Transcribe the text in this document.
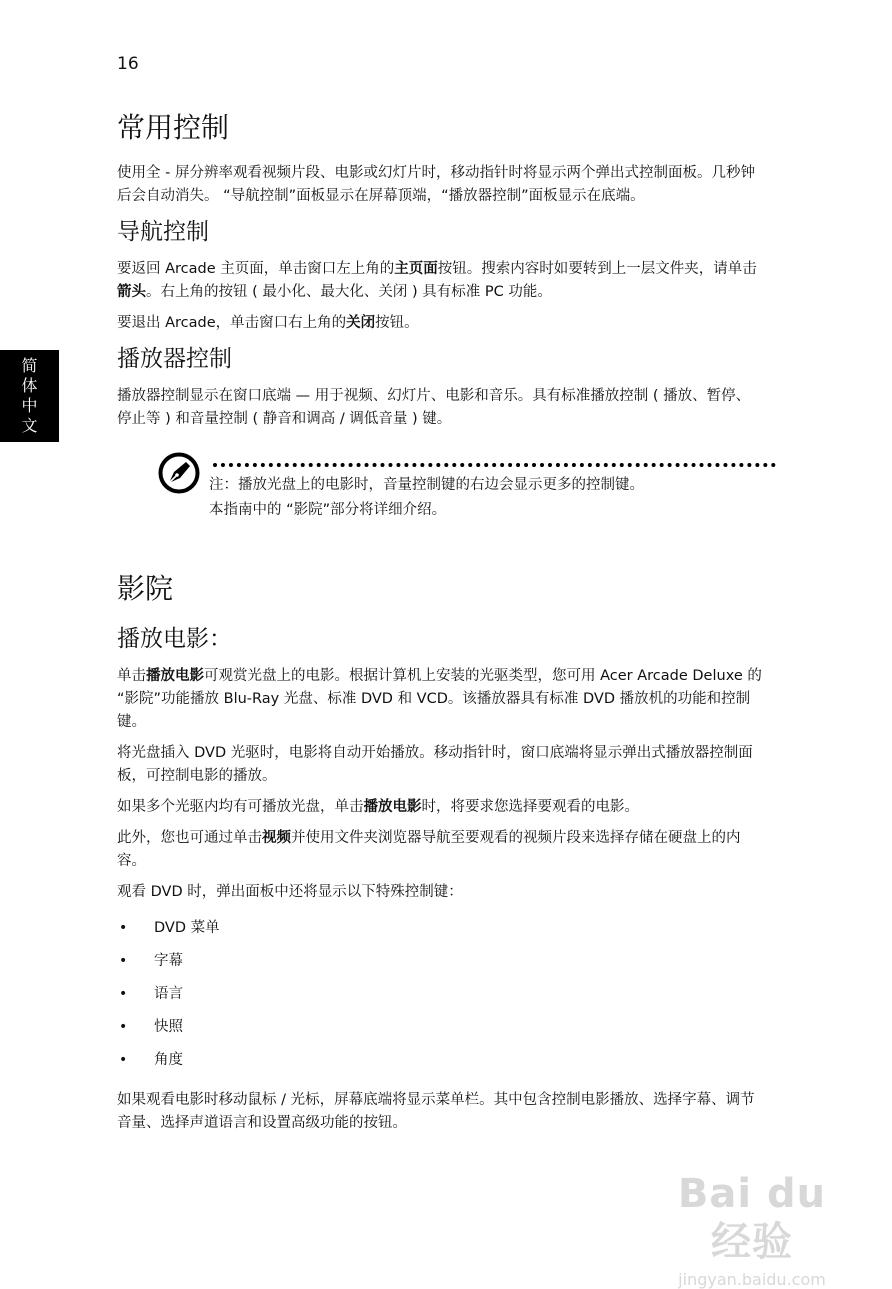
16
简
体
中
文
常用控制

使用全 - 屏分辨率观看视频片段、电影或幻灯片时，移动指针时将显示两个弹出式控制面板。几秒钟后会自动消失。 “导航控制”面板显示在屏幕顶端，“播放器控制”面板显示在底端。

导航控制

要返回 Arcade 主页面，单击窗口左上角的主页面按钮。搜索内容时如要转到上一层文件夹，请单击箭头。右上角的按钮 ( 最小化、最大化、关闭 ) 具有标准 PC 功能。

要退出 Arcade，单击窗口右上角的关闭按钮。

播放器控制

播放器控制显示在窗口底端 — 用于视频、幻灯片、电影和音乐。具有标准播放控制 ( 播放、暂停、停止等 ) 和音量控制 ( 静音和调高 / 调低音量 ) 键。

注：播放光盘上的电影时，音量控制键的右边会显示更多的控制键。

本指南中的 “影院”部分将详细介绍。

影院
播放电影：

单击播放电影可观赏光盘上的电影。根据计算机上安装的光驱类型，您可用 Acer Arcade Deluxe 的 “影院”功能播放 Blu-Ray 光盘、标准 DVD 和 VCD。该播放器具有标准 DVD 播放机的功能和控制键。

将光盘插入 DVD 光驱时，电影将自动开始播放。移动指针时，窗口底端将显示弹出式播放器控制面板，可控制电影的播放。

如果多个光驱内均有可播放光盘，单击播放电影时，将要求您选择要观看的电影。

此外，您也可通过单击视频并使用文件夹浏览器导航至要观看的视频片段来选择存储在硬盘上的内容。

观看 DVD 时，弹出面板中还将显示以下特殊控制键：

• DVD 菜单
• 字幕
• 语言
• 快照
• 角度

如果观看电影时移动鼠标 / 光标，屏幕底端将显示菜单栏。其中包含控制电影播放、选择字幕、调节音量、选择声道语言和设置高级功能的按钮。

Bai du 经验
jingyan.baidu.com
